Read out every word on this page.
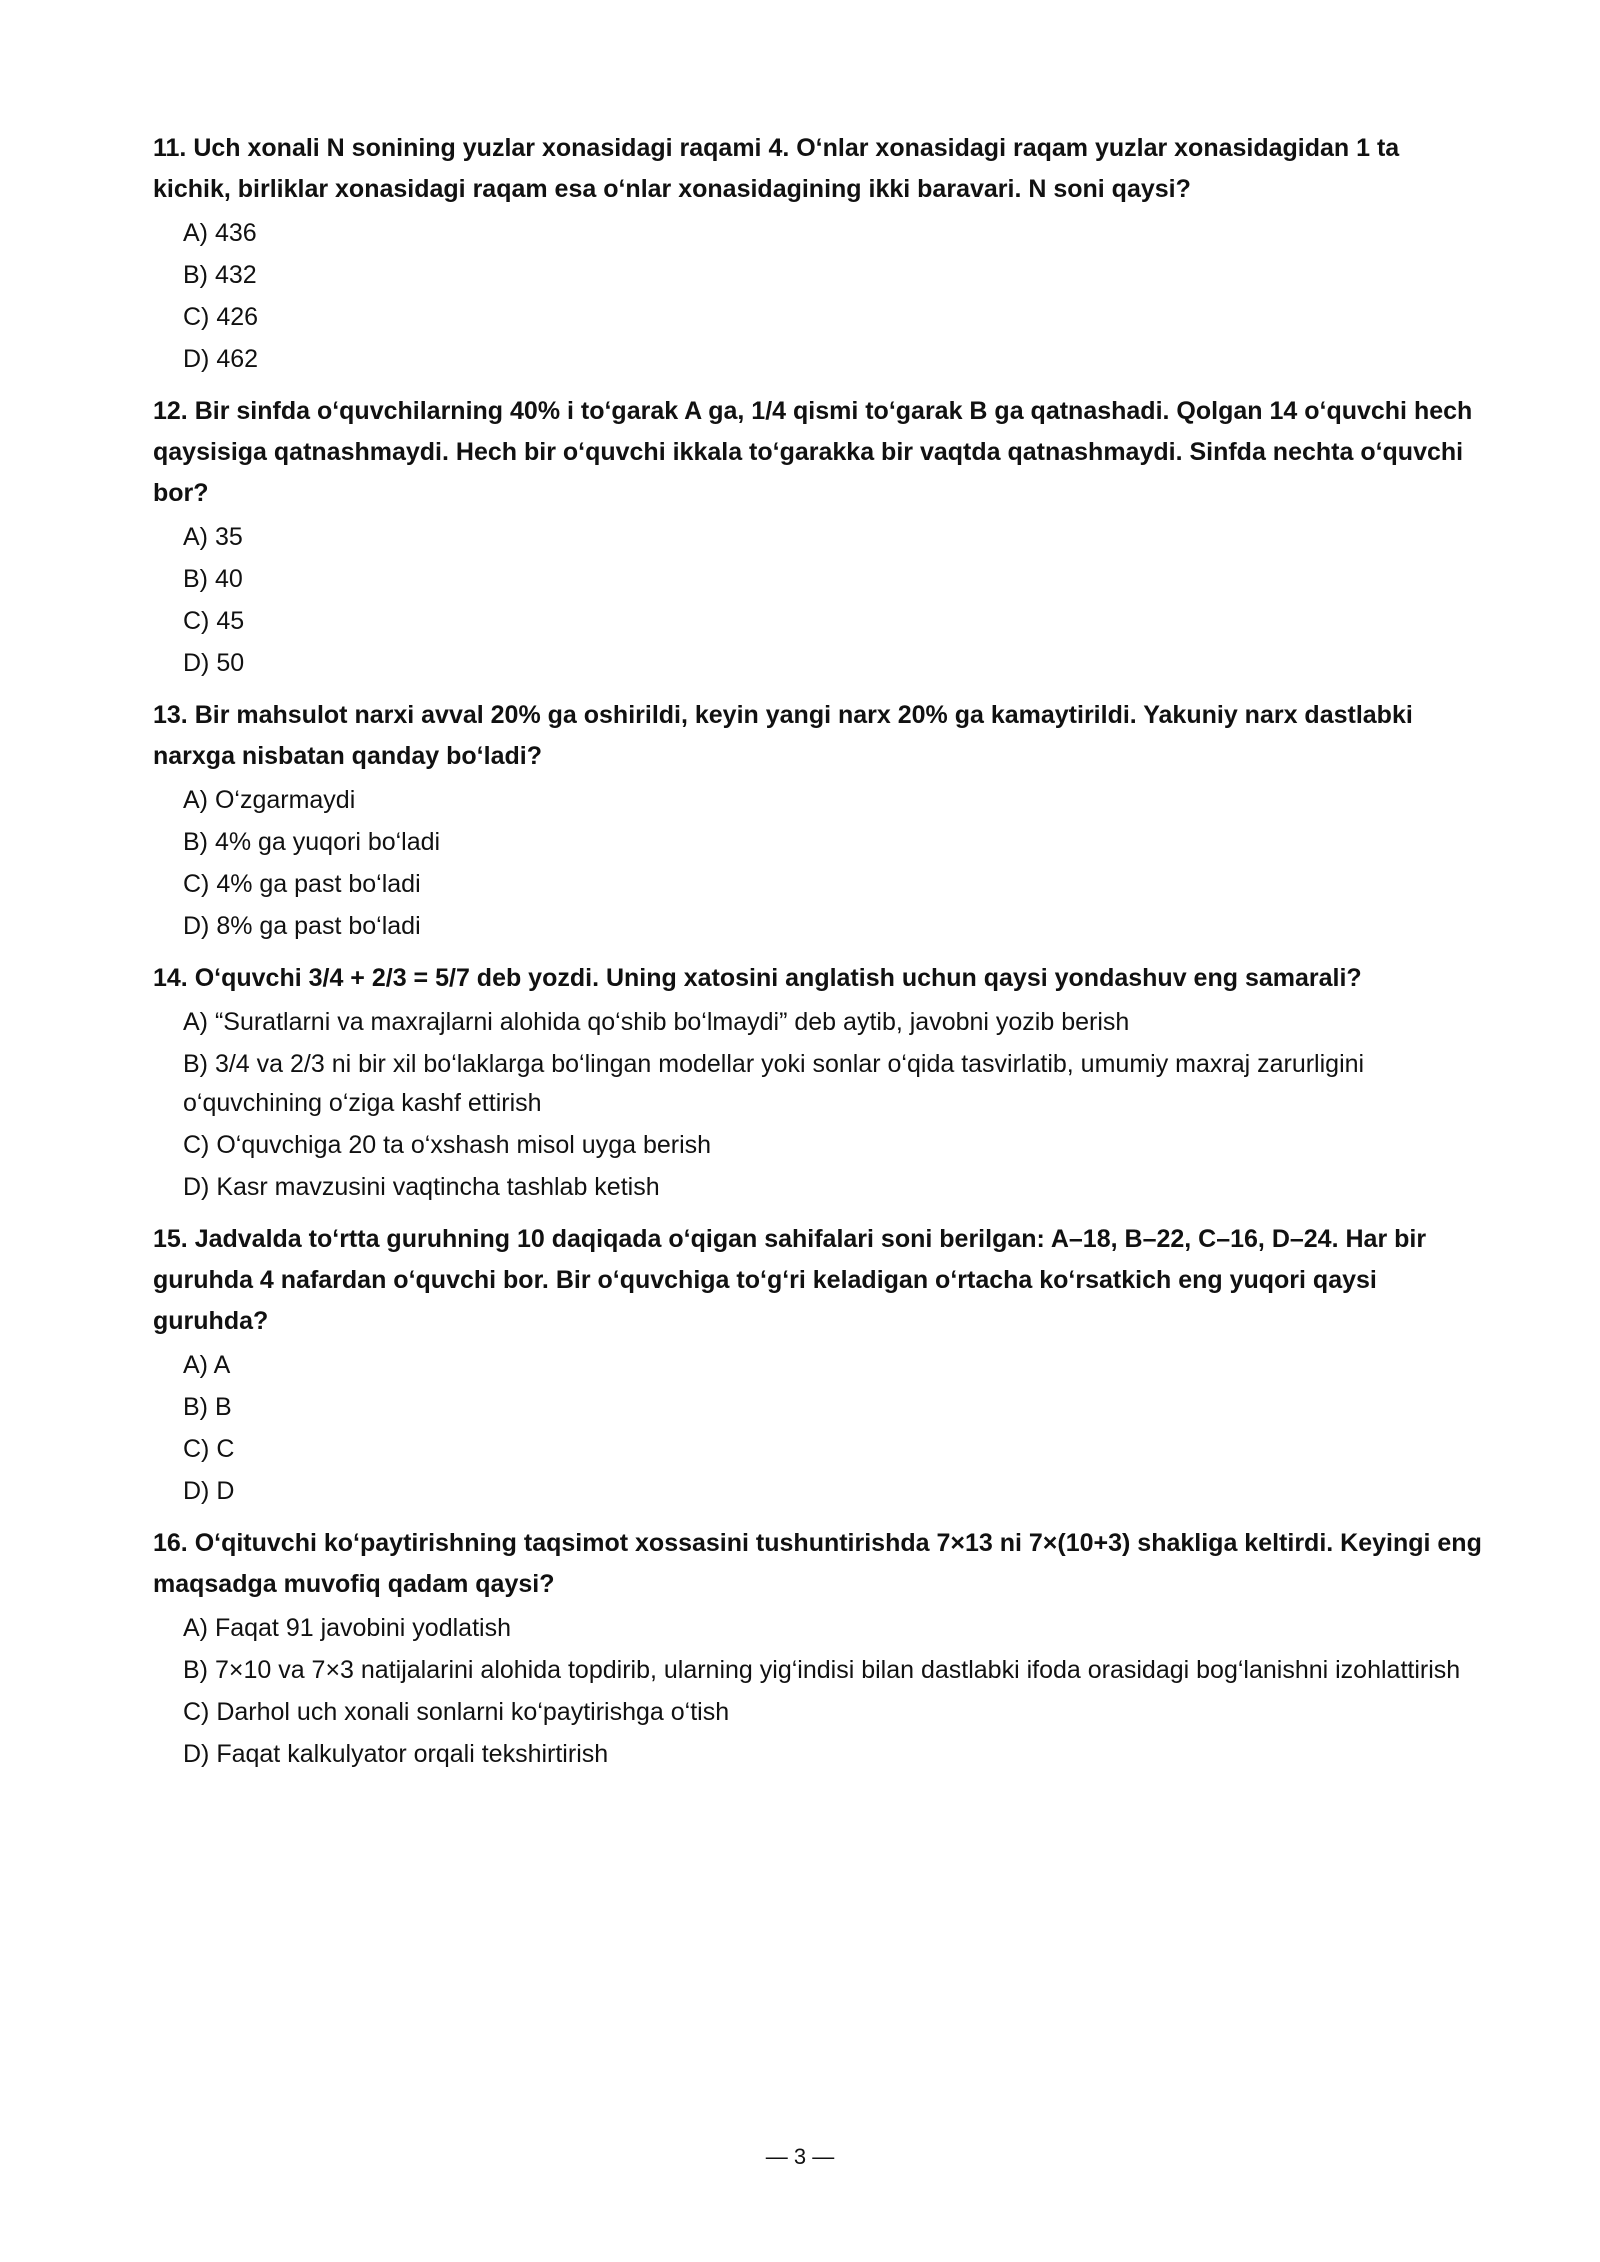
11. Uch xonali N sonining yuzlar xonasidagi raqami 4. O‘nlar xonasidagi raqam yuzlar xonasidagidan 1 ta kichik, birliklar xonasidagi raqam esa o‘nlar xonasidagining ikki baravari. N soni qaysi?

A) 436
B) 432
C) 426
D) 462

12. Bir sinfda o‘quvchilarning 40% i to‘garak A ga, 1/4 qismi to‘garak B ga qatnashadi. Qolgan 14 o‘quvchi hech qaysisiga qatnashmaydi. Hech bir o‘quvchi ikkala to‘garakka bir vaqtda qatnashmaydi. Sinfda nechta o‘quvchi bor?

A) 35
B) 40
C) 45
D) 50

13. Bir mahsulot narxi avval 20% ga oshirildi, keyin yangi narx 20% ga kamaytirildi. Yakuniy narx dastlabki narxga nisbatan qanday bo‘ladi?

A) O‘zgarmaydi
B) 4% ga yuqori bo‘ladi
C) 4% ga past bo‘ladi
D) 8% ga past bo‘ladi

14. O‘quvchi 3/4 + 2/3 = 5/7 deb yozdi. Uning xatosini anglatish uchun qaysi yondashuv eng samarali?

A) “Suratlarni va maxrajlarni alohida qo‘shib bo‘lmaydi” deb aytib, javobni yozib berish
B) 3/4 va 2/3 ni bir xil bo‘laklarga bo‘lingan modellar yoki sonlar o‘qida tasvirlatib, umumiy maxraj zarurligini o‘quvchining o‘ziga kashf ettirish
C) O‘quvchiga 20 ta o‘xshash misol uyga berish
D) Kasr mavzusini vaqtincha tashlab ketish

15. Jadvalda to‘rtta guruhning 10 daqiqada o‘qigan sahifalari soni berilgan: A–18, B–22, C–16, D–24. Har bir guruhda 4 nafardan o‘quvchi bor. Bir o‘quvchiga to‘g‘ri keladigan o‘rtacha ko‘rsatkich eng yuqori qaysi guruhda?

A) A
B) B
C) C
D) D

16. O‘qituvchi ko‘paytirishning taqsimot xossasini tushuntirishda 7×13 ni 7×(10+3) shakliga keltirdi. Keyingi eng maqsadga muvofiq qadam qaysi?

A) Faqat 91 javobini yodlatish
B) 7×10 va 7×3 natijalarini alohida topdirib, ularning yig‘indisi bilan dastlabki ifoda orasidagi bog‘lanishni izohlattirish
C) Darhol uch xonali sonlarni ko‘paytirishga o‘tish
D) Faqat kalkulyator orqali tekshirtirish
— 3 —
